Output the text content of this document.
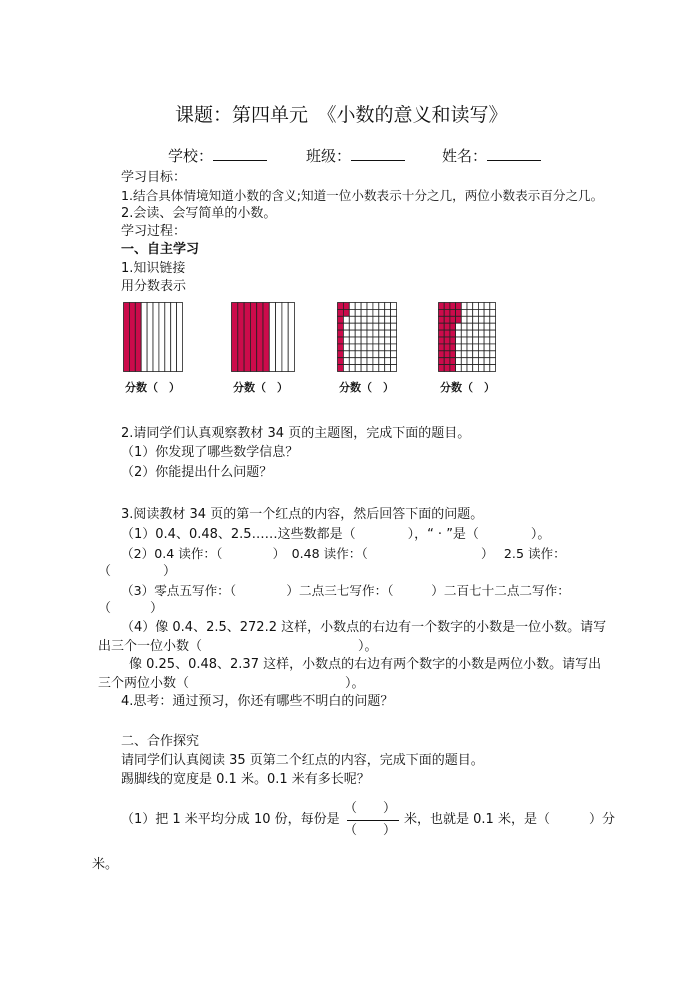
课题：第四单元　《小数的意义和读写》
学校：	班级：	姓名：
学习目标：
1.结合具体情境知道小数的含义;知道一位小数表示十分之几，两位小数表示百分之几。
2.会读、会写简单的小数。
学习过程：
一、自主学习
1.知识链接
用分数表示
分数（　）	分数（　）	分数（　）	分数（　）
2.请同学们认真观察教材 34 页的主题图，完成下面的题目。
（1）你发现了哪些数学信息？
（2）你能提出什么问题？
3.阅读教材 34 页的第一个红点的内容，然后回答下面的问题。
（1）0.4、0.48、2.5……这些数都是（　　　　），“ · ”是（　　　　）。
（2）0.4 读作：（　　　　）　0.48 读作：（　　　　　　　　　）　 2.5 读作：
（　　　　）
（3）零点五写作：（　　　　）二点三七写作：（　　　）二百七十二点二写作：
（　　　）
（4）像 0.4、2.5、272.2 这样，小数点的右边有一个数字的小数是一位小数。请写
出三个一位小数（　　　　　　　　　　　　）。
像 0.25、0.48、2.37 这样，小数点的右边有两个数字的小数是两位小数。请写出
三个两位小数（　　　　　　　　　　　　）。
4.思考：通过预习，你还有哪些不明白的问题？
二、合作探究
请同学们认真阅读 35 页第二个红点的内容，完成下面的题目。
踢脚线的宽度是 0.1 米。0.1 米有多长呢？
（1）把 1 米平均分成 10 份，每份是
（　　）
（　　）
米，也就是 0.1 米，是（　　　）分
米。
